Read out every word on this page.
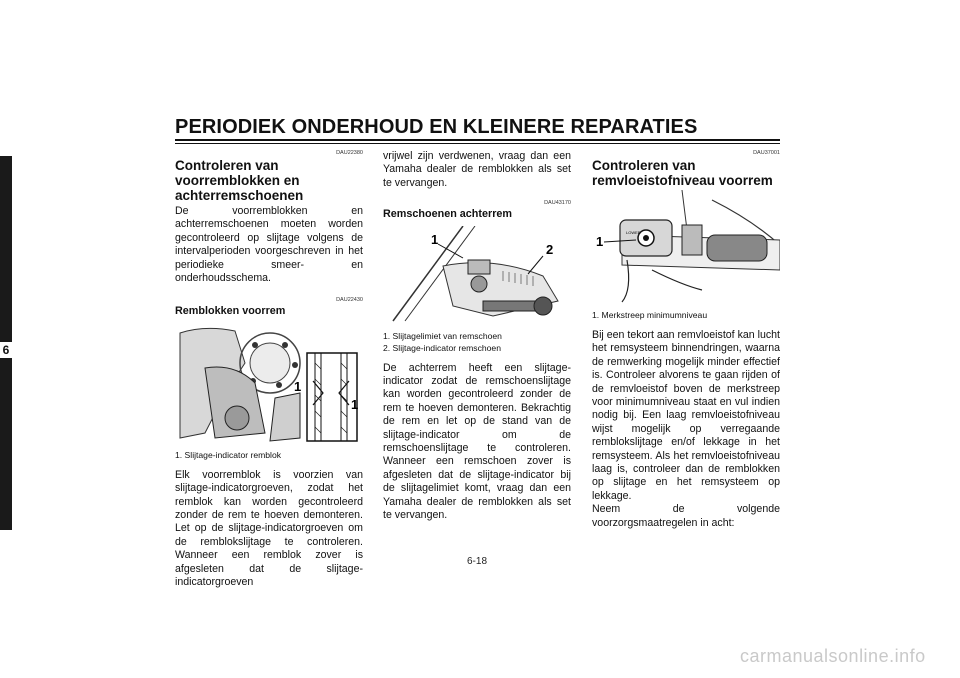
PERIODIEK ONDERHOUD EN KLEINERE REPARATIES
6
DAU22380
Controleren van voorremblokken en achterremschoenen
De voorremblokken en achterremschoenen moeten worden gecontroleerd op slijtage volgens de intervalperioden voorgeschreven in het periodieke smeer- en onderhoudsschema.
DAU22430
Remblokken voorrem
1
1
1. Slijtage-indicator remblok
Elk voorremblok is voorzien van slijtage-indicatorgroeven, zodat het remblok kan worden gecontroleerd zonder de rem te hoeven demonteren. Let op de slijtage-indicatorgroeven om de remblokslijtage te controleren. Wanneer een remblok zover is afgesleten dat de slijtage-indicatorgroeven
vrijwel zijn verdwenen, vraag dan een Yamaha dealer de remblokken als set te vervangen.
DAU43170
Remschoenen achterrem
1
2
1. Slijtagelimiet van remschoen
2. Slijtage-indicator remschoen
De achterrem heeft een slijtage-indicator zodat de remschoenslijtage kan worden gecontroleerd zonder de rem te hoeven demonteren. Bekrachtig de rem en let op de stand van de slijtage-indicator om de remschoenslijtage te controleren. Wanneer een remschoen zover is afgesleten dat de slijtage-indicator bij de slijtagelimiet komt, vraag dan een Yamaha dealer de remblokken als set te vervangen.
DAU37001
Controleren van remvloeistofniveau voorrem
1
LOWER
1. Merkstreep minimumniveau
Bij een tekort aan remvloeistof kan lucht het remsysteem binnendringen, waarna de remwerking mogelijk minder effectief is. Controleer alvorens te gaan rijden of de remvloeistof boven de merkstreep voor minimumniveau staat en vul indien nodig bij. Een laag remvloeistofniveau wijst mogelijk op verregaande remblokslijtage en/of lekkage in het remsysteem. Als het remvloeistofniveau laag is, controleer dan de remblokken op slijtage en het remsysteem op lekkage.
Neem de volgende voorzorgsmaatregelen in acht:
6-18
carmanualsonline.info
